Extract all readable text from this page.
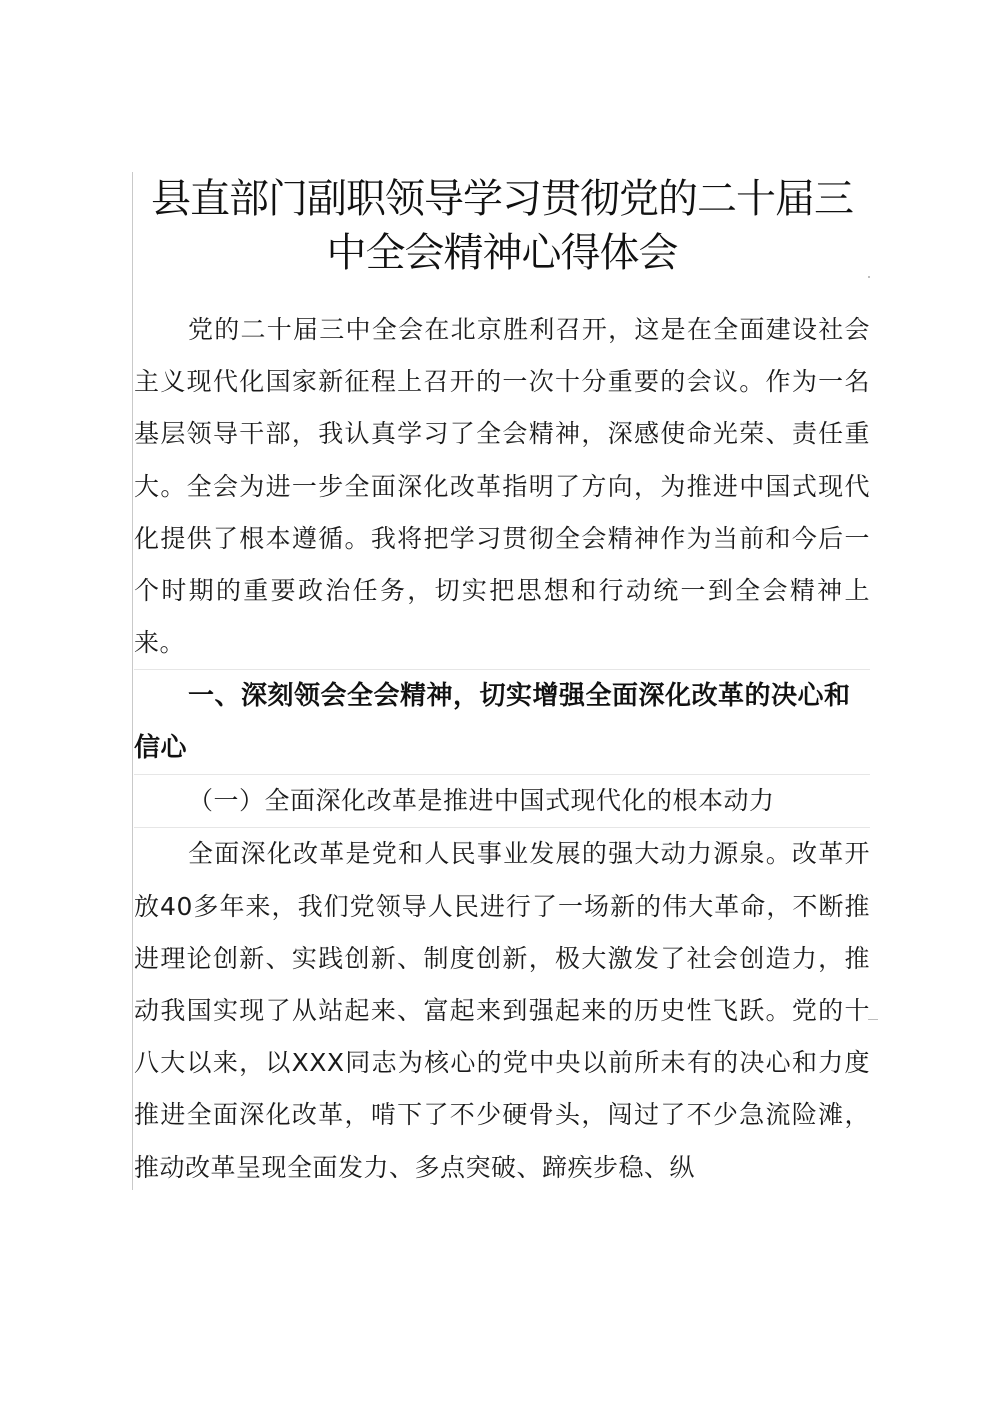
县直部门副职领导学习贯彻党的二十届三中全会精神心得体会

党的二十届三中全会在北京胜利召开，这是在全面建设社会主义现代化国家新征程上召开的一次十分重要的会议。作为一名基层领导干部，我认真学习了全会精神，深感使命光荣、责任重大。全会为进一步全面深化改革指明了方向，为推进中国式现代化提供了根本遵循。我将把学习贯彻全会精神作为当前和今后一个时期的重要政治任务，切实把思想和行动统一到全会精神上来。

一、深刻领会全会精神，切实增强全面深化改革的决心和信心

（一）全面深化改革是推进中国式现代化的根本动力

全面深化改革是党和人民事业发展的强大动力源泉。改革开放40多年来，我们党领导人民进行了一场新的伟大革命，不断推进理论创新、实践创新、制度创新，极大激发了社会创造力，推动我国实现了从站起来、富起来到强起来的历史性飞跃。党的十八大以来，以XXX同志为核心的党中央以前所未有的决心和力度推进全面深化改革，啃下了不少硬骨头，闯过了不少急流险滩，推动改革呈现全面发力、多点突破、蹄疾步稳、纵
